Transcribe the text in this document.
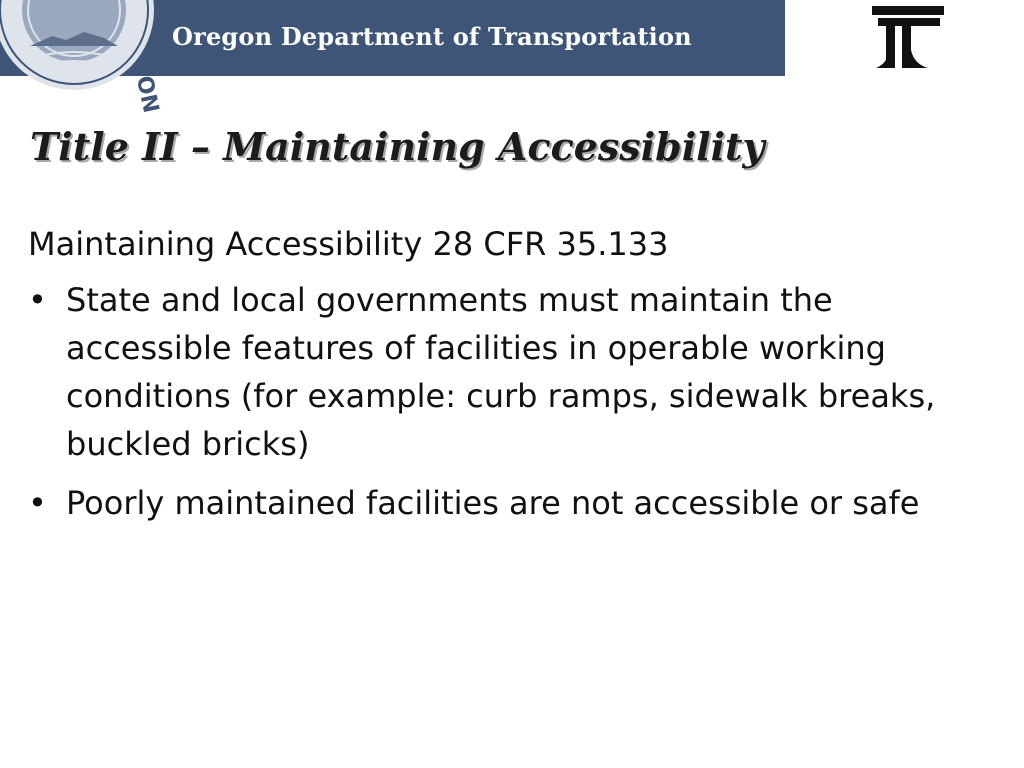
GON
Oregon Department of Transportation
Title II – Maintaining Accessibility
Maintaining Accessibility 28 CFR 35.133
• State and local governments must maintain the accessible features of facilities in operable working conditions (for example: curb ramps, sidewalk breaks, buckled bricks)
• Poorly maintained facilities are not accessible or safe
